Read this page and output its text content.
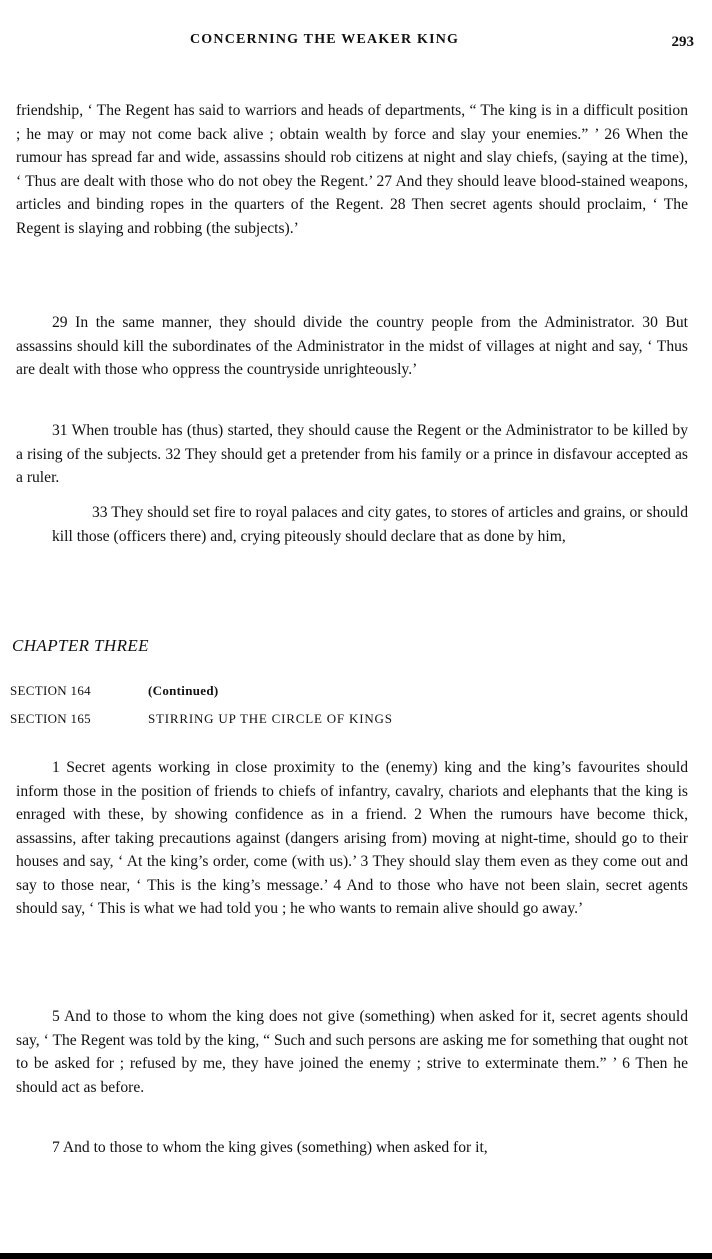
CONCERNING THE WEAKER KING	293

friendship, ‘ The Regent has said to warriors and heads of departments, “ The king is in a difficult position ; he may or may not come back alive ; obtain wealth by force and slay your enemies.” ’ 26 When the rumour has spread far and wide, assassins should rob citizens at night and slay chiefs, (saying at the time), ‘ Thus are dealt with those who do not obey the Regent.’ 27 And they should leave blood-stained weapons, articles and binding ropes in the quarters of the Regent. 28 Then secret agents should proclaim, ‘ The Regent is slaying and robbing (the subjects).’

29 In the same manner, they should divide the country people from the Administrator. 30 But assassins should kill the subordinates of the Administrator in the midst of villages at night and say, ‘ Thus are dealt with those who oppress the countryside unrighteously.’

31 When trouble has (thus) started, they should cause the Regent or the Administrator to be killed by a rising of the subjects. 32 They should get a pretender from his family or a prince in disfavour accepted as a ruler.

33 They should set fire to royal palaces and city gates, to stores of articles and grains, or should kill those (officers there) and, crying piteously should declare that as done by him,

CHAPTER THREE
SECTION 164	(Continued)
SECTION 165	STIRRING UP THE CIRCLE OF KINGS

1 Secret agents working in close proximity to the (enemy) king and the king’s favourites should inform those in the position of friends to chiefs of infantry, cavalry, chariots and elephants that the king is enraged with these, by showing confidence as in a friend. 2 When the rumours have become thick, assassins, after taking precautions against (dangers arising from) moving at night-time, should go to their houses and say, ‘ At the king’s order, come (with us).’ 3 They should slay them even as they come out and say to those near, ‘ This is the king’s message.’ 4 And to those who have not been slain, secret agents should say, ‘ This is what we had told you ; he who wants to remain alive should go away.’

5 And to those to whom the king does not give (something) when asked for it, secret agents should say, ‘ The Regent was told by the king, “ Such and such persons are asking me for something that ought not to be asked for ; refused by me, they have joined the enemy ; strive to exterminate them.” ’ 6 Then he should act as before.

7 And to those to whom the king gives (something) when asked for it,
